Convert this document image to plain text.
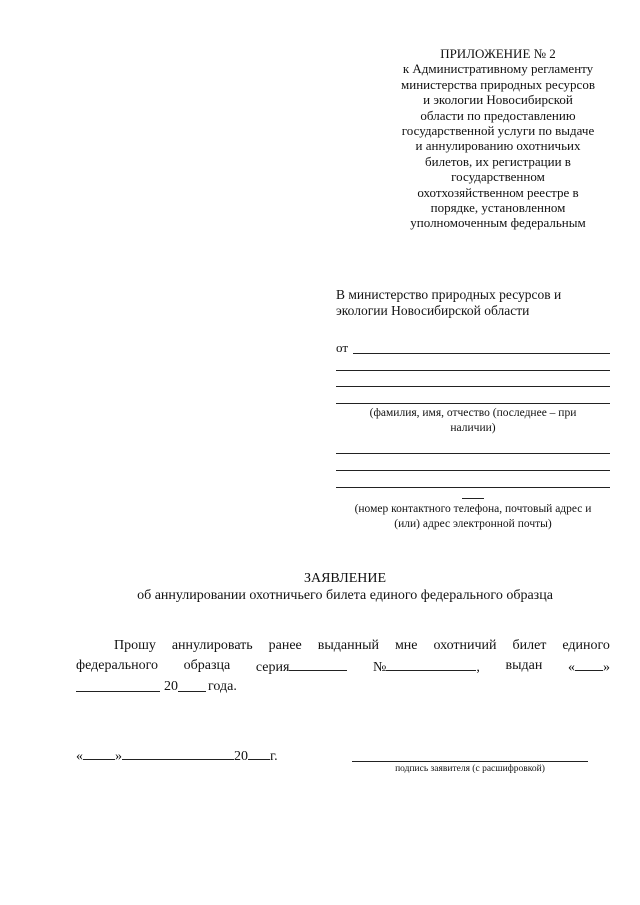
ПРИЛОЖЕНИЕ № 2
к Административному регламенту
министерства природных ресурсов
и экологии Новосибирской
области по предоставлению
государственной услуги по выдаче
и аннулированию охотничьих
билетов, их регистрации в
государственном
охотхозяйственном реестре в
порядке, установленном
уполномоченным федеральным
В министерство природных ресурсов и
экологии Новосибирской области
от
(фамилия, имя, отчество (последнее – при
наличии)
(номер контактного телефона, почтовый адрес и
(или) адрес электронной почты)
ЗАЯВЛЕНИЕ
об аннулировании охотничьего билета единого федерального образца
Прошу аннулировать ранее выданный мне охотничий билет единого
федерального образца серия	№	, выдан « »
20 года.
« »	20 г.
подпись заявителя (с расшифровкой)
